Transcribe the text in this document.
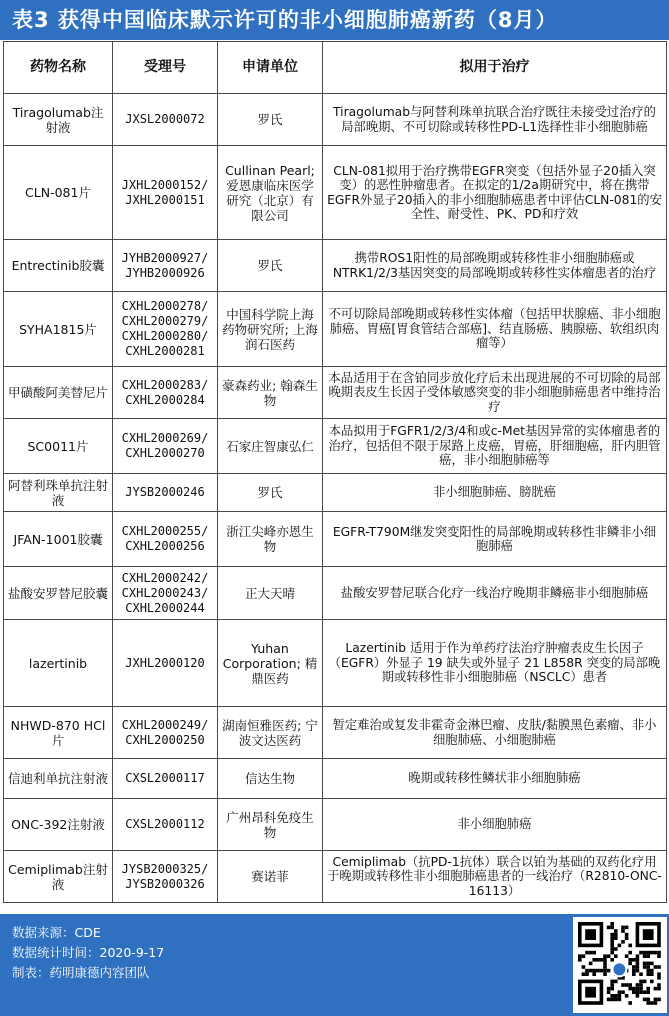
表3 获得中国临床默示许可的非小细胞肺癌新药（8月）
药物名称	受理号	申请单位	拟用于治疗
Tiragolumab注射液	JXSL2000072	罗氏	Tiragolumab与阿替利珠单抗联合治疗既往未接受过治疗的局部晚期、不可切除或转移性PD-L1选择性非小细胞肺癌
CLN-081片	JXHL2000152/ JXHL2000151	Cullinan Pearl; 爱恩康临床医学研究（北京）有限公司	CLN-081拟用于治疗携带EGFR突变（包括外显子20插入突变）的恶性肿瘤患者。在拟定的1/2a期研究中，将在携带EGFR外显子20插入的非小细胞肺癌患者中评估CLN-081的安全性、耐受性、PK、PD和疗效
Entrectinib胶囊	JYHB2000927/ JYHB2000926	罗氏	携带ROS1阳性的局部晚期或转移性非小细胞肺癌或NTRK1/2/3基因突变的局部晚期或转移性实体瘤患者的治疗
SYHA1815片	CXHL2000278/ CXHL2000279/ CXHL2000280/ CXHL2000281	中国科学院上海药物研究所; 上海润石医药	不可切除局部晚期或转移性实体瘤（包括甲状腺癌、非小细胞肺癌、胃癌[胃食管结合部癌]、结直肠癌、胰腺癌、软组织肉瘤等）
甲磺酸阿美替尼片	CXHL2000283/ CXHL2000284	豪森药业; 翰森生物	本品适用于在含铂同步放化疗后未出现进展的不可切除的局部晚期表皮生长因子受体敏感突变的非小细胞肺癌患者中维持治疗
SC0011片	CXHL2000269/ CXHL2000270	石家庄智康弘仁	本品拟用于FGFR1/2/3/4和或c-Met基因异常的实体瘤患者的治疗，包括但不限于尿路上皮癌，胃癌，肝细胞癌，肝内胆管癌，非小细胞肺癌等
阿替利珠单抗注射液	JYSB2000246	罗氏	非小细胞肺癌、膀胱癌
JFAN-1001胶囊	CXHL2000255/ CXHL2000256	浙江尖峰亦恩生物	EGFR-T790M继发突变阳性的局部晚期或转移性非鳞非小细胞肺癌
盐酸安罗替尼胶囊	CXHL2000242/ CXHL2000243/ CXHL2000244	正大天晴	盐酸安罗替尼联合化疗一线治疗晚期非鳞癌非小细胞肺癌
lazertinib	JXHL2000120	Yuhan Corporation; 精鼎医药	Lazertinib 适用于作为单药疗法治疗肿瘤表皮生长因子（EGFR）外显子 19 缺失或外显子 21 L858R 突变的局部晚期或转移性非小细胞肺癌（NSCLC）患者
NHWD-870 HCl片	CXHL2000249/ CXHL2000250	湖南恒雅医药; 宁波文达医药	暂定难治或复发非霍奇金淋巴瘤、皮肤/黏膜黑色素瘤、非小细胞肺癌、小细胞肺癌
信迪利单抗注射液	CXSL2000117	信达生物	晚期或转移性鳞状非小细胞肺癌
ONC-392注射液	CXSL2000112	广州昂科免疫生物	非小细胞肺癌
Cemiplimab注射液	JYSB2000325/ JYSB2000326	赛诺菲	Cemiplimab（抗PD-1抗体）联合以铂为基础的双药化疗用于晚期或转移性非小细胞肺癌患者的一线治疗（R2810-ONC-16113）
数据来源：CDE
数据统计时间：2020-9-17
制表：药明康德内容团队
